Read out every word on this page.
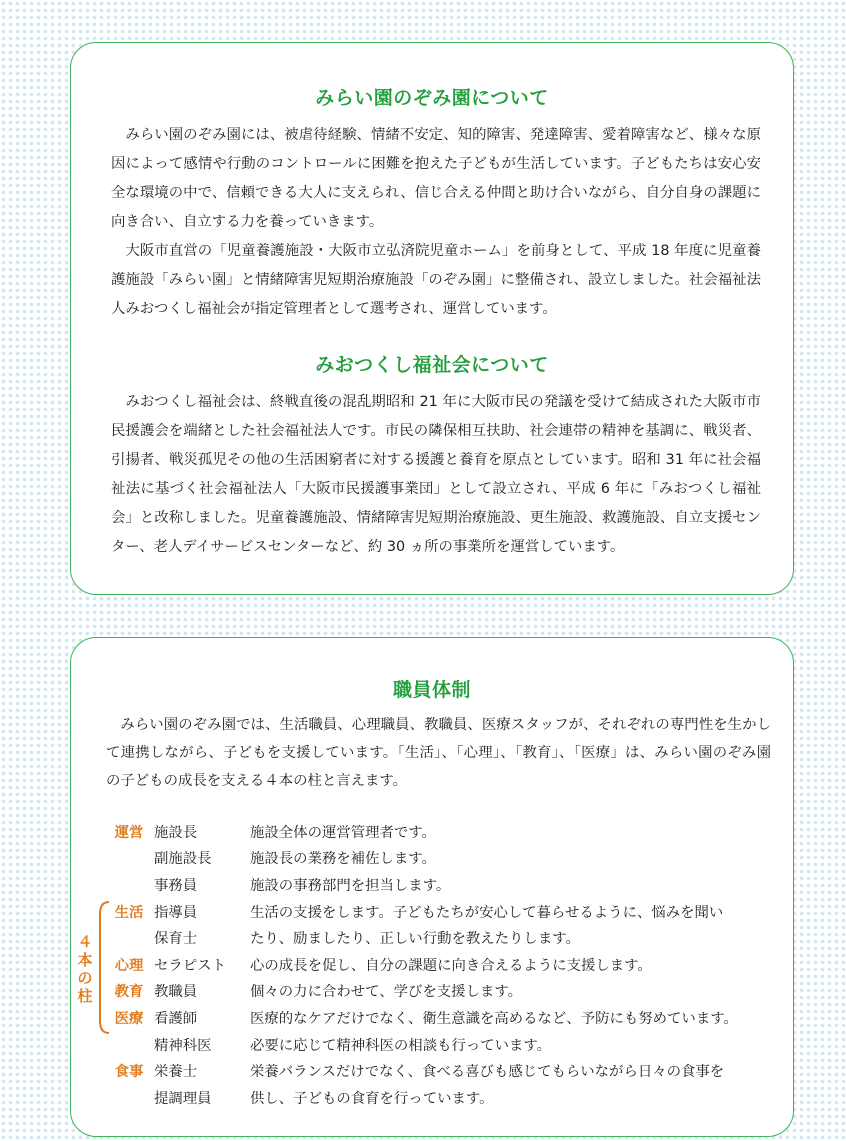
みらい園のぞみ園について

みらい園のぞみ園には、被虐待経験、情緒不安定、知的障害、発達障害、愛着障害など、様々な原因によって感情や行動のコントロールに困難を抱えた子どもが生活しています。子どもたちは安心安全な環境の中で、信頼できる大人に支えられ、信じ合える仲間と助け合いながら、自分自身の課題に向き合い、自立する力を養っていきます。

大阪市直営の「児童養護施設・大阪市立弘済院児童ホーム」を前身として、平成 18 年度に児童養護施設「みらい園」と情緒障害児短期治療施設「のぞみ園」に整備され、設立しました。社会福祉法人みおつくし福祉会が指定管理者として選考され、運営しています。

みおつくし福祉会について

みおつくし福祉会は、終戦直後の混乱期昭和 21 年に大阪市民の発議を受けて結成された大阪市市民援護会を端緒とした社会福祉法人です。市民の隣保相互扶助、社会連帯の精神を基調に、戦災者、引揚者、戦災孤児その他の生活困窮者に対する援護と養育を原点としています。昭和 31 年に社会福祉法に基づく社会福祉法人「大阪市民援護事業団」として設立され、平成 6 年に「みおつくし福祉会」と改称しました。児童養護施設、情緒障害児短期治療施設、更生施設、救護施設、自立支援センター、老人デイサービスセンターなど、約 30 ヵ所の事業所を運営しています。

職員体制

みらい園のぞみ園では、生活職員、心理職員、教職員、医療スタッフが、それぞれの専門性を生かして連携しながら、子どもを支援しています。「生活」、「心理」、「教育」、「医療」は、みらい園のぞみ園の子どもの成長を支える４本の柱と言えます。

４
本
の
柱
運営	施設長	施設全体の運営管理者です。
	副施設長	施設長の業務を補佐します。
	事務員	施設の事務部門を担当します。
生活	指導員	生活の支援をします。子どもたちが安心して暮らせるように、悩みを聞い
	保育士	たり、励ましたり、正しい行動を教えたりします。
心理	セラピスト	心の成長を促し、自分の課題に向き合えるように支援します。
教育	教職員	個々の力に合わせて、学びを支援します。
医療	看護師	医療的なケアだけでなく、衛生意識を高めるなど、予防にも努めています。
	精神科医	必要に応じて精神科医の相談も行っています。
食事	栄養士	栄養バランスだけでなく、食べる喜びも感じてもらいながら日々の食事を
	提調理員	供し、子どもの食育を行っています。
